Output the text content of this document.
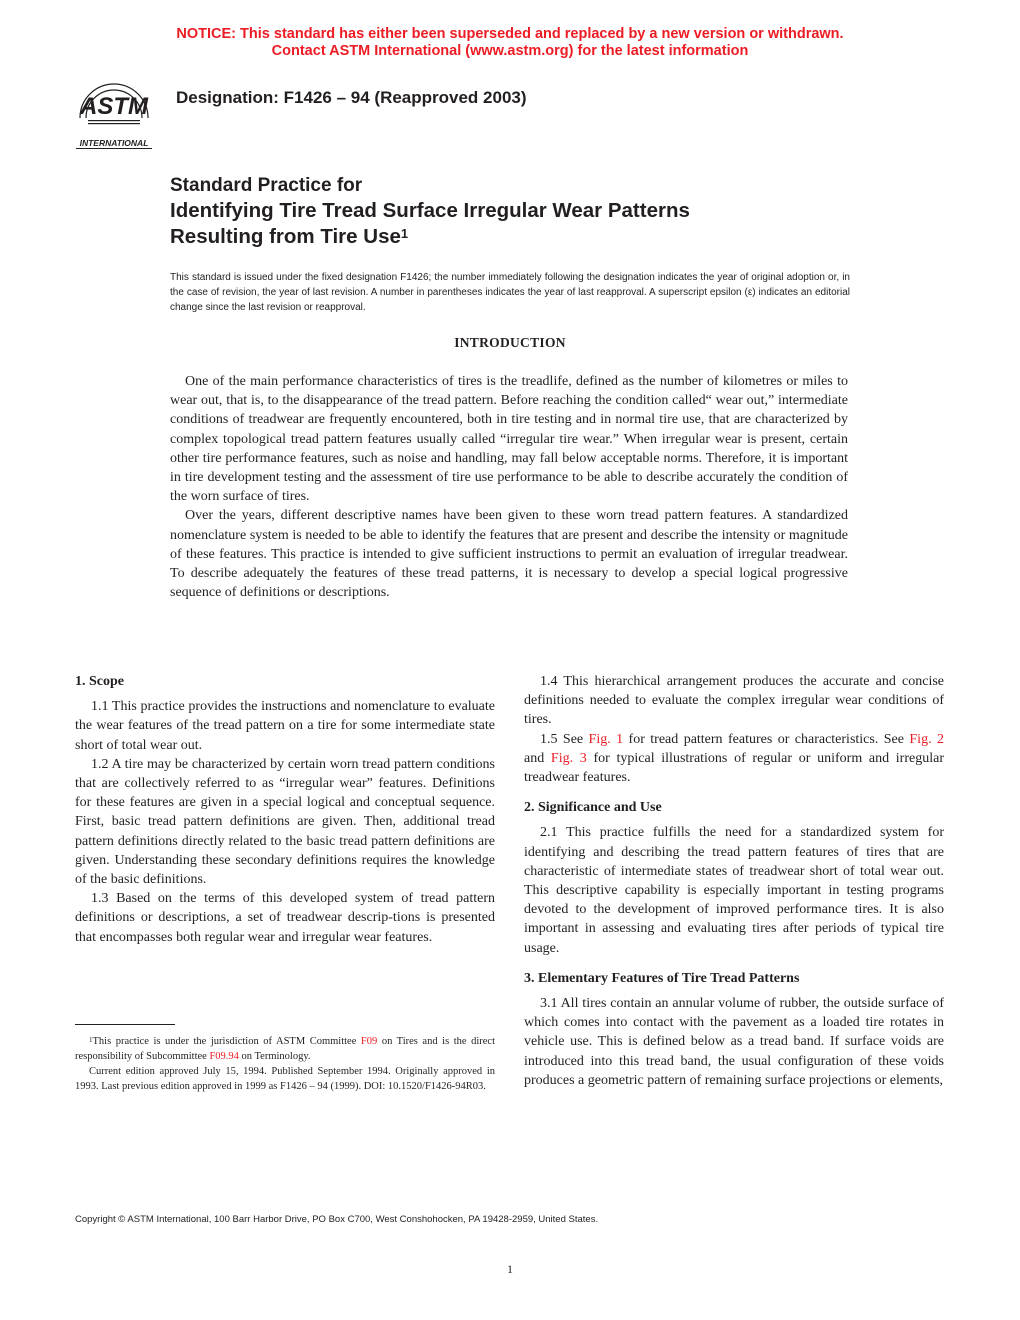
NOTICE: This standard has either been superseded and replaced by a new version or withdrawn.
Contact ASTM International (www.astm.org) for the latest information
ASTM
INTERNATIONAL
Designation: F1426 – 94 (Reapproved 2003)
Standard Practice for
Identifying Tire Tread Surface Irregular Wear Patterns
Resulting from Tire Use$^1$
This standard is issued under the fixed designation F1426; the number immediately following the designation indicates the year of original adoption or, in the case of revision, the year of last revision. A number in parentheses indicates the year of last reapproval. A superscript epsilon (ε) indicates an editorial change since the last revision or reapproval.
INTRODUCTION

One of the main performance characteristics of tires is the treadlife, defined as the number of kilometres or miles to wear out, that is, to the disappearance of the tread pattern. Before reaching the condition called“ wear out,” intermediate conditions of treadwear are frequently encountered, both in tire testing and in normal tire use, that are characterized by complex topological tread pattern features usually called “irregular tire wear.” When irregular wear is present, certain other tire performance features, such as noise and handling, may fall below acceptable norms. Therefore, it is important in tire development testing and the assessment of tire use performance to be able to describe accurately the condition of the worn surface of tires.

Over the years, different descriptive names have been given to these worn tread pattern features. A standardized nomenclature system is needed to be able to identify the features that are present and describe the intensity or magnitude of these features. This practice is intended to give sufficient instructions to permit an evaluation of irregular treadwear. To describe adequately the features of these tread patterns, it is necessary to develop a special logical progressive sequence of definitions or descriptions.

1. Scope

1.1 This practice provides the instructions and nomenclature to evaluate the wear features of the tread pattern on a tire for some intermediate state short of total wear out.

1.2 A tire may be characterized by certain worn tread pattern conditions that are collectively referred to as “irregular wear” features. Definitions for these features are given in a special logical and conceptual sequence. First, basic tread pattern definitions are given. Then, additional tread pattern definitions directly related to the basic tread pattern definitions are given. Understanding these secondary definitions requires the knowledge of the basic definitions.

1.3 Based on the terms of this developed system of tread pattern definitions or descriptions, a set of treadwear descrip-tions is presented that encompasses both regular wear and irregular wear features.

1.4 This hierarchical arrangement produces the accurate and concise definitions needed to evaluate the complex irregular wear conditions of tires.

1.5 See Fig. 1 for tread pattern features or characteristics. See Fig. 2 and Fig. 3 for typical illustrations of regular or uniform and irregular treadwear features.

2. Significance and Use

2.1 This practice fulfills the need for a standardized system for identifying and describing the tread pattern features of tires that are characteristic of intermediate states of treadwear short of total wear out. This descriptive capability is especially important in testing programs devoted to the development of improved performance tires. It is also important in assessing and evaluating tires after periods of typical tire usage.

3. Elementary Features of Tire Tread Patterns

3.1 All tires contain an annular volume of rubber, the outside surface of which comes into contact with the pavement as a loaded tire rotates in vehicle use. This is defined below as a tread band. If surface voids are introduced into this tread band, the usual configuration of these voids produces a geometric pattern of remaining surface projections or elements,

$^1$This practice is under the jurisdiction of ASTM Committee F09 on Tires and is the direct responsibility of Subcommittee F09.94 on Terminology.

Current edition approved July 15, 1994. Published September 1994. Originally approved in 1993. Last previous edition approved in 1999 as F1426 – 94 (1999). DOI: 10.1520/F1426-94R03.

Copyright © ASTM International, 100 Barr Harbor Drive, PO Box C700, West Conshohocken, PA 19428-2959, United States.
1
